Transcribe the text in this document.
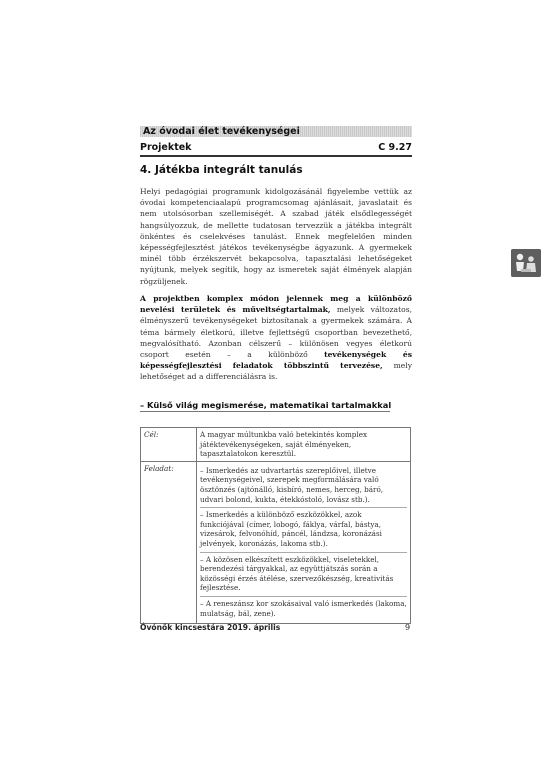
Az óvodai élet tevékenységei
Projektek	C 9.27
4. Játékba integrált tanulás
Helyi pedagógiai programunk kidolgozásánál figyelembe vettük az óvodai kompetenciaalapú programcsomag ajánlásait, javaslatait és nem utolsósorban szellemiségét. A szabad játék elsődlegességét hangsúlyozzuk, de mellette tudatosan tervezzük a játékba integrált önkéntes és cselekvéses tanulást. Ennek megfelelően minden képességfejlesztést játékos tevékenységbe ágyazunk. A gyermekek minél több érzékszervét bekapcsolva, tapasztalási lehetőségeket nyújtunk, melyek segítik, hogy az ismeretek saját élmények alapján rögzüljenek.
A projektben komplex módon jelennek meg a különböző nevelési területek és műveltségtartalmak, melyek változatos, élményszerű tevékenységeket biztosítanak a gyermekek számára. A téma bármely életkorú, illetve fejlettségű csoportban bevezethető, megvalósítható. Azonban célszerű – különösen vegyes életkorú csoport esetén – a különböző tevékenységek és képességfejlesztési feladatok többszintű tervezése, mely lehetőséget ad a differenciálásra is.
– Külső világ megismerése, matematikai tartalmakkal
Cél:	A magyar múltunkba való betekintés komplex játéktevékenységeken, saját élményeken, tapasztalatokon keresztül.
Feladat:	– Ismerkedés az udvartartás szereplőivel, illetve tevékenységeivel, szerepek megformálására való ösztönzés (ajtónálló, kisbíró, nemes, herceg, báró, udvari bolond, kukta, étekkóstoló, lovász stb.).
– Ismerkedés a különböző eszközökkel, azok funkciójával (címer, lobogó, fáklya, várfal, bástya, vizesárok, felvonóhíd, páncél, lándzsa, koronázási jelvények, koronázás, lakoma stb.).
– A közösen elkészített eszközökkel, viseletekkel, berendezési tárgyakkal, az együttjátszás során a közösségi érzés átélése, szervezőkészség, kreativitás fejlesztése.
– A reneszánsz kor szokásaival való ismerkedés (lakoma, mulatság, bál, zene).
Óvónők kincsestára 2019. április	9
